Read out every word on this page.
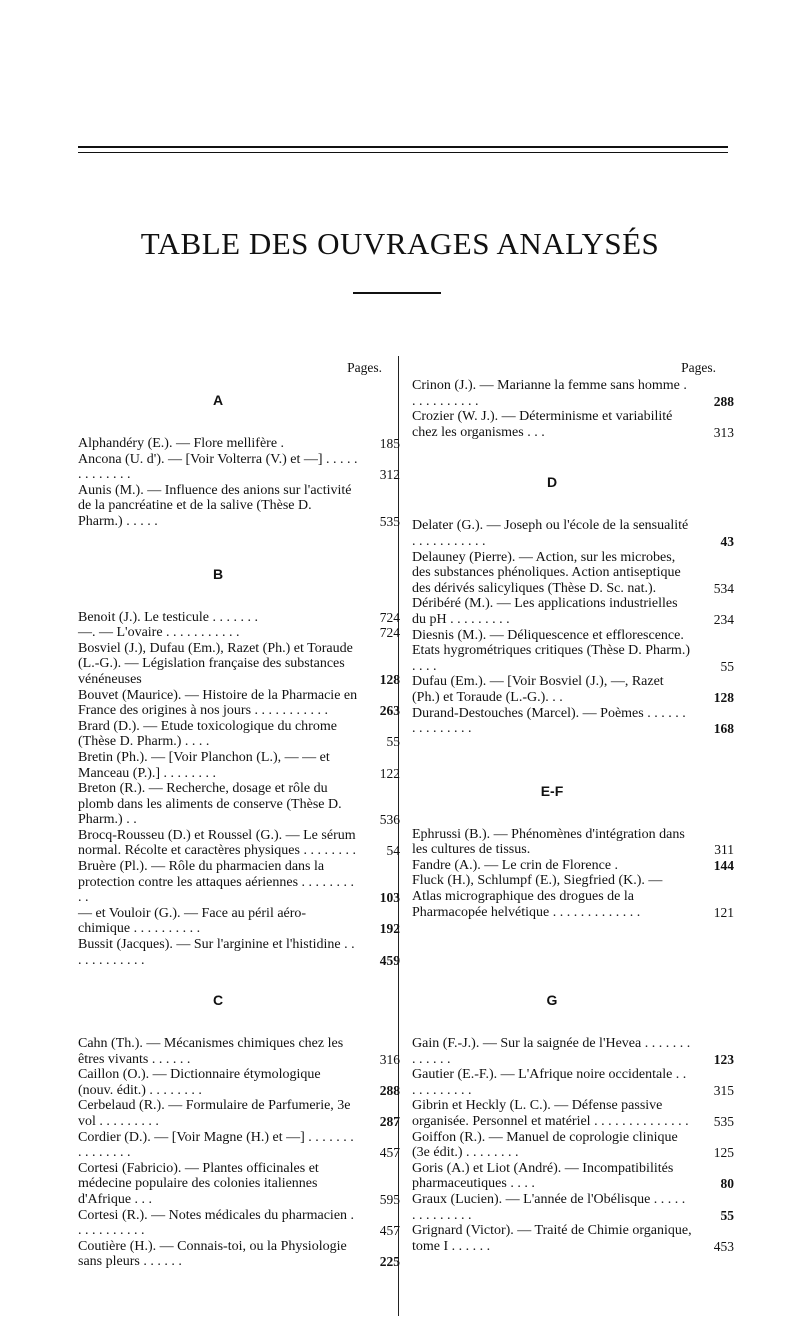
TABLE DES OUVRAGES ANALYSÉS
Pages.
A
Alphandéry (E.). — Flore mellifère .	185
Ancona (U. d'). — [Voir Volterra (V.) et —] . . . . . . . . . . . . .	312
Aunis (M.). — Influence des anions sur l'activité de la pancréatine et de la salive (Thèse D. Pharm.) . . . . .	535
B
Benoit (J.). Le testicule . . . . . . .	724
—. — L'ovaire . . . . . . . . . . .	724
Bosviel (J.), Dufau (Em.), Razet (Ph.) et Toraude (L.-G.). — Législation française des substances vénéneuses	128
Bouvet (Maurice). — Histoire de la Pharmacie en France des origines à nos jours . . . . . . . . . . .	263
Brard (D.). — Etude toxicologique du chrome (Thèse D. Pharm.) . . . .	55
Bretin (Ph.). — [Voir Planchon (L.), — — et Manceau (P.).] . . . . . . . .	122
Breton (R.). — Recherche, dosage et rôle du plomb dans les aliments de conserve (Thèse D. Pharm.) . .	536
Brocq-Rousseu (D.) et Roussel (G.). — Le sérum normal. Récolte et caractères physiques . . . . . . . .	54
Bruère (Pl.). — Rôle du pharmacien dans la protection contre les attaques aériennes . . . . . . . . . .	103
— et Vouloir (G.). — Face au péril aéro-chimique . . . . . . . . . .	192
Bussit (Jacques). — Sur l'arginine et l'histidine . . . . . . . . . . . .	459
Pages.
Crinon (J.). — Marianne la femme sans homme . . . . . . . . . . .	288
Crozier (W. J.). — Déterminisme et variabilité chez les organismes . . .	313
D
Delater (G.). — Joseph ou l'école de la sensualité . . . . . . . . . . .	43
Delauney (Pierre). — Action, sur les microbes, des substances phénoliques. Action antiseptique des dérivés salicyliques (Thèse D. Sc. nat.).	534
Déribéré (M.). — Les applications industrielles du pH . . . . . . . . .	234
Diesnis (M.). — Déliquescence et efflorescence. Etats hygrométriques critiques (Thèse D. Pharm.) . . . .	55
Dufau (Em.). — [Voir Bosviel (J.), —, Razet (Ph.) et Toraude (L.-G.). . .	128
Durand-Destouches (Marcel). — Poèmes . . . . . . . . . . . . . . .	168
E-F
Ephrussi (B.). — Phénomènes d'intégration dans les cultures de tissus.	311
Fandre (A.). — Le crin de Florence .	144
Fluck (H.), Schlumpf (E.), Siegfried (K.). — Atlas micrographique des drogues de la Pharmacopée helvétique . . . . . . . . . . . . .	121
C
Cahn (Th.). — Mécanismes chimiques chez les êtres vivants . . . . . .	316
Caillon (O.). — Dictionnaire étymologique (nouv. édit.) . . . . . . . .	288
Cerbelaud (R.). — Formulaire de Parfumerie, 3e vol . . . . . . . . .	287
Cordier (D.). — [Voir Magne (H.) et —] . . . . . . . . . . . . . . .	457
Cortesi (Fabricio). — Plantes officinales et médecine populaire des colonies italiennes d'Afrique . . .	595
Cortesi (R.). — Notes médicales du pharmacien . . . . . . . . . . .	457
Coutière (H.). — Connais-toi, ou la Physiologie sans pleurs . . . . . .	225
G
Gain (F.-J.). — Sur la saignée de l'Hevea . . . . . . . . . . . . .	123
Gautier (E.-F.). — L'Afrique noire occidentale . . . . . . . . . . .	315
Gibrin et Heckly (L. C.). — Défense passive organisée. Personnel et matériel . . . . . . . . . . . . . .	535
Goiffon (R.). — Manuel de coprologie clinique (3e édit.) . . . . . . . .	125
Goris (A.) et Liot (André). — Incompatibilités pharmaceutiques . . . .	80
Graux (Lucien). — L'année de l'Obélisque . . . . . . . . . . . . . .	55
Grignard (Victor). — Traité de Chimie organique, tome I . . . . . .	453
